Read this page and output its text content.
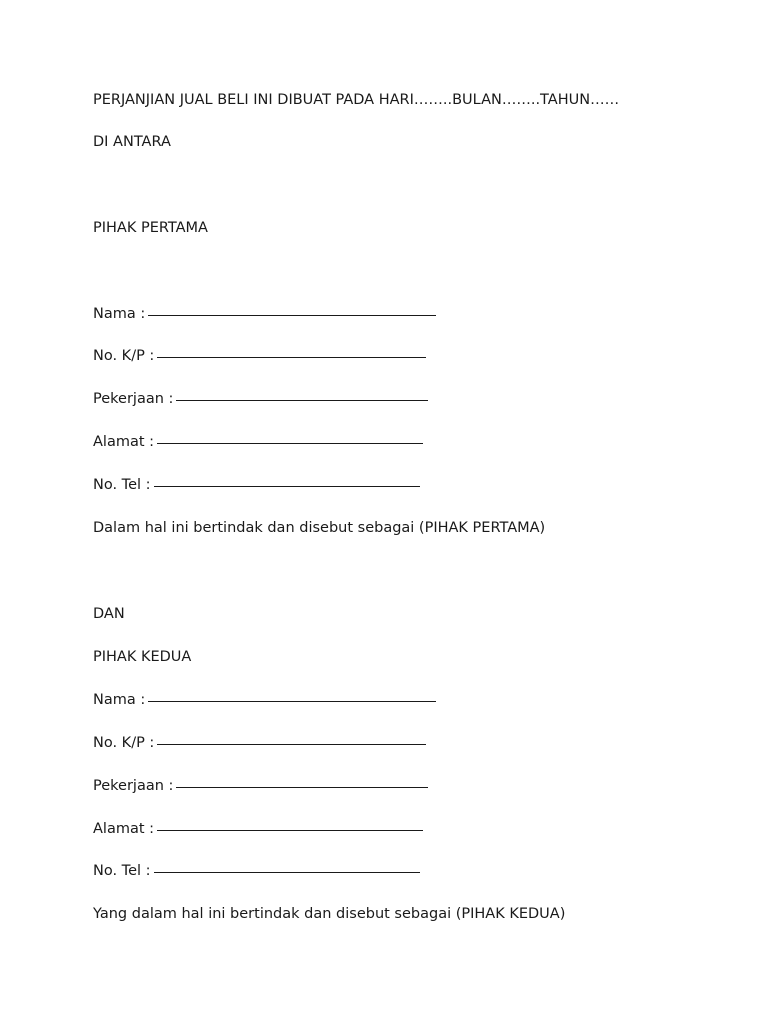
PERJANJIAN JUAL BELI INI DIBUAT PADA HARI……..BULAN……..TAHUN……
DI ANTARA
PIHAK PERTAMA
Nama :
No. K/P :
Pekerjaan :
Alamat :
No. Tel :
Dalam hal ini bertindak dan disebut sebagai (PIHAK PERTAMA)
DAN
PIHAK KEDUA
Nama :
No. K/P :
Pekerjaan :
Alamat :
No. Tel :
Yang dalam hal ini bertindak dan disebut sebagai (PIHAK KEDUA)
